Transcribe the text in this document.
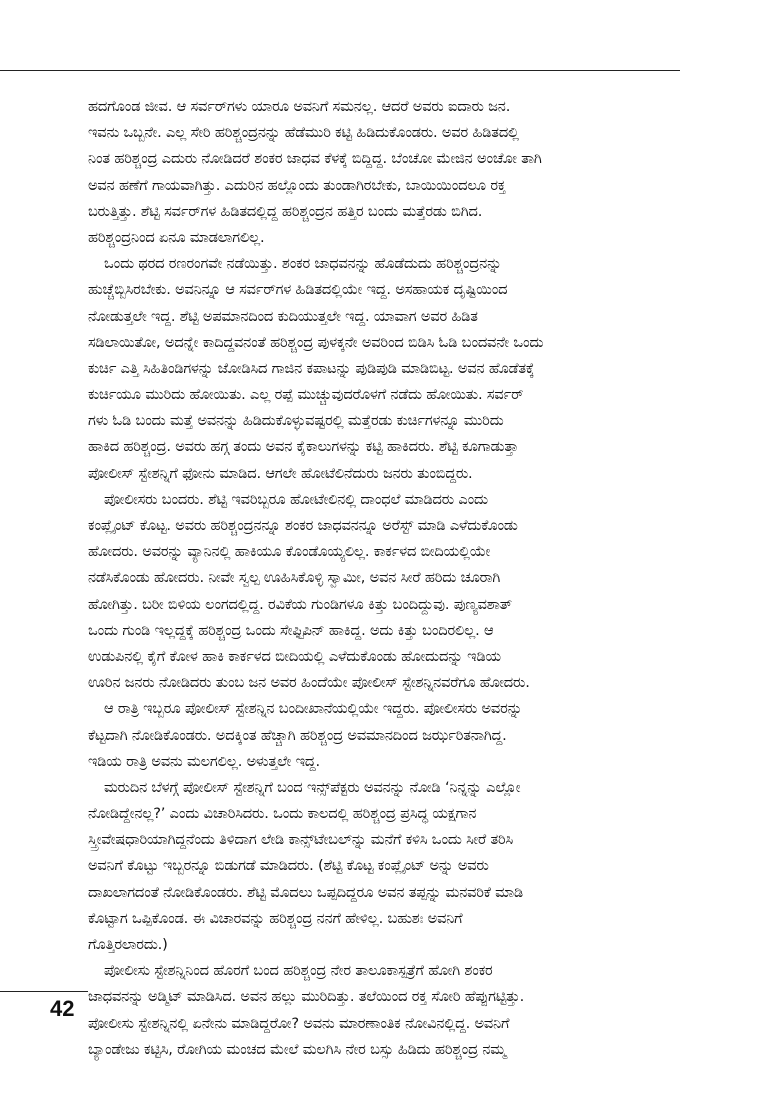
ಹದಗೊಂಡ ಜೀವ. ಆ ಸರ್ವರ್‌ಗಳು ಯಾರೂ ಅವನಿಗೆ ಸಮನಲ್ಲ. ಆದರೆ ಅವರು ಐದಾರು ಜನ.
ಇವನು ಒಬ್ಬನೇ. ಎಲ್ಲ ಸೇರಿ ಹರಿಶ್ಚಂದ್ರನನ್ನು ಹೆಡೆಮುರಿ ಕಟ್ಟಿ ಹಿಡಿದುಕೊಂಡರು. ಅವರ ಹಿಡಿತದಲ್ಲಿ
ನಿಂತ ಹರಿಶ್ಚಂದ್ರ ಎದುರು ನೋಡಿದರೆ ಶಂಕರ ಜಾಧವ ಕೆಳಕ್ಕೆ ಬಿದ್ದಿದ್ದ. ಬೆಂಚೋ ಮೇಜಿನ ಅಂಚೋ ತಾಗಿ
ಅವನ ಹಣೆಗೆ ಗಾಯವಾಗಿತ್ತು. ಎದುರಿನ ಹಲ್ಲೊಂದು ತುಂಡಾಗಿರಬೇಕು, ಬಾಯಿಯಿಂದಲೂ ರಕ್ತ
ಬರುತ್ತಿತ್ತು. ಶೆಟ್ಟಿ ಸರ್ವರ್‌ಗಳ ಹಿಡಿತದಲ್ಲಿದ್ದ ಹರಿಶ್ಚಂದ್ರನ ಹತ್ತಿರ ಬಂದು ಮತ್ತೆರಡು ಬಿಗಿದ.
ಹರಿಶ್ಚಂದ್ರನಿಂದ ಏನೂ ಮಾಡಲಾಗಲಿಲ್ಲ.
ಒಂದು ಥರದ ರಣರಂಗವೇ ನಡೆಯಿತ್ತು. ಶಂಕರ ಜಾಧವನನ್ನು ಹೊಡೆದುದು ಹರಿಶ್ಚಂದ್ರನನ್ನು
ಹುಚ್ಚೆಬ್ಬಿಸಿರಬೇಕು. ಅವನಿನ್ನೂ ಆ ಸರ್ವರ್‌ಗಳ ಹಿಡಿತದಲ್ಲಿಯೇ ಇದ್ದ. ಅಸಹಾಯಕ ದೃಷ್ಟಿಯಿಂದ
ನೋಡುತ್ತಲೇ ಇದ್ದ. ಶೆಟ್ಟಿ ಅಪಮಾನದಿಂದ ಕುದಿಯುತ್ತಲೇ ಇದ್ದ. ಯಾವಾಗ ಅವರ ಹಿಡಿತ
ಸಡಿಲಾಯಿತೋ, ಅದನ್ನೇ ಕಾದಿದ್ದವನಂತೆ ಹರಿಶ್ಚಂದ್ರ ಪುಳಕ್ಕನೇ ಅವರಿಂದ ಬಿಡಿಸಿ ಓಡಿ ಬಂದವನೇ ಒಂದು
ಕುರ್ಚಿ ಎತ್ತಿ ಸಿಹಿತಿಂಡಿಗಳನ್ನು ಜೋಡಿಸಿದ ಗಾಜಿನ ಕಪಾಟನ್ನು ಪುಡಿಪುಡಿ ಮಾಡಿಬಿಟ್ಟ. ಅವನ ಹೊಡೆತಕ್ಕೆ
ಕುರ್ಚಿಯೂ ಮುರಿದು ಹೋಯಿತು. ಎಲ್ಲ ರಪ್ಪೆ ಮುಚ್ಚುವುದರೊಳಗೆ ನಡೆದು ಹೋಯಿತು. ಸರ್ವರ್
ಗಳು ಓಡಿ ಬಂದು ಮತ್ತೆ ಅವನನ್ನು ಹಿಡಿದುಕೊಳ್ಳುವಷ್ಟರಲ್ಲಿ ಮತ್ತೆರಡು ಕುರ್ಚಿಗಳನ್ನೂ ಮುರಿದು
ಹಾಕಿದ ಹರಿಶ್ಚಂದ್ರ. ಅವರು ಹಗ್ಗ ತಂದು ಅವನ ಕೈಕಾಲುಗಳನ್ನು ಕಟ್ಟಿ ಹಾಕಿದರು. ಶೆಟ್ಟಿ ಕೂಗಾಡುತ್ತಾ
ಪೋಲೀಸ್ ಸ್ಟೇಶನ್ನಿಗೆ ಫೋನು ಮಾಡಿದ. ಆಗಲೇ ಹೋಟೆಲಿನೆದುರು ಜನರು ತುಂಬಿದ್ದರು.
ಪೋಲೀಸರು ಬಂದರು. ಶೆಟ್ಟಿ ಇವರಿಬ್ಬರೂ ಹೋಟೇಲಿನಲ್ಲಿ ದಾಂಧಲೆ ಮಾಡಿದರು ಎಂದು
ಕಂಪ್ಲೈಂಟ್ ಕೊಟ್ಟ. ಅವರು ಹರಿಶ್ಚಂದ್ರನನ್ನೂ ಶಂಕರ ಜಾಧವನನ್ನೂ ಅರೆಸ್ಟ್ ಮಾಡಿ ಎಳೆದುಕೊಂಡು
ಹೋದರು. ಅವರನ್ನು ವ್ಯಾನಿನಲ್ಲಿ ಹಾಕಿಯೂ ಕೊಂಡೊಯ್ಯಲಿಲ್ಲ. ಕಾರ್ಕಳದ ಬೀದಿಯಲ್ಲಿಯೇ
ನಡೆಸಿಕೊಂಡು ಹೋದರು. ನೀವೇ ಸ್ವಲ್ಪ ಊಹಿಸಿಕೊಳ್ಳಿ ಸ್ವಾಮೀ, ಅವನ ಸೀರೆ ಹರಿದು ಚೂರಾಗಿ
ಹೋಗಿತ್ತು. ಬರೀ ಬಿಳಿಯ ಲಂಗದಲ್ಲಿದ್ದ. ರವಿಕೆಯ ಗುಂಡಿಗಳೂ ಕಿತ್ತು ಬಂದಿದ್ದುವು. ಪುಣ್ಯವಶಾತ್
ಒಂದು ಗುಂಡಿ ಇಲ್ಲದ್ದಕ್ಕೆ ಹರಿಶ್ಚಂದ್ರ ಒಂದು ಸೇಫ್ಟಿಪಿನ್ ಹಾಕಿದ್ದ. ಅದು ಕಿತ್ತು ಬಂದಿರಲಿಲ್ಲ. ಆ
ಉಡುಪಿನಲ್ಲಿ ಕೈಗೆ ಕೋಳ ಹಾಕಿ ಕಾರ್ಕಳದ ಬೀದಿಯಲ್ಲಿ ಎಳೆದುಕೊಂಡು ಹೋದುದನ್ನು ಇಡಿಯ
ಊರಿನ ಜನರು ನೋಡಿದರು ತುಂಬ ಜನ ಅವರ ಹಿಂದೆಯೇ ಪೋಲೀಸ್ ಸ್ಟೇಶನ್ನಿನವರೆಗೂ ಹೋದರು.
ಆ ರಾತ್ರಿ ಇಬ್ಬರೂ ಪೋಲೀಸ್ ಸ್ಟೇಶನ್ನಿನ ಬಂದೀಖಾನೆಯಲ್ಲಿಯೇ ಇದ್ದರು. ಪೋಲೀಸರು ಅವರನ್ನು
ಕೆಟ್ಟದಾಗಿ ನೋಡಿಕೊಂಡರು. ಅದಕ್ಕಿಂತ ಹೆಚ್ಚಾಗಿ ಹರಿಶ್ಚಂದ್ರ ಅವಮಾನದಿಂದ ಜರ್ಝರಿತನಾಗಿದ್ದ.
ಇಡಿಯ ರಾತ್ರಿ ಅವನು ಮಲಗಲಿಲ್ಲ. ಅಳುತ್ತಲೇ ಇದ್ದ.
ಮರುದಿನ ಬೆಳಗ್ಗೆ ಪೋಲೀಸ್ ಸ್ಟೇಶನ್ನಿಗೆ ಬಂದ ಇನ್ಸ್‌ಪೆಕ್ಟರು ಅವನನ್ನು ನೋಡಿ ‘ನಿನ್ನನ್ನು ಎಲ್ಲೋ
ನೋಡಿದ್ದೇನಲ್ಲ?’ ಎಂದು ವಿಚಾರಿಸಿದರು. ಒಂದು ಕಾಲದಲ್ಲಿ ಹರಿಶ್ಚಂದ್ರ ಪ್ರಸಿದ್ಧ ಯಕ್ಷಗಾನ
ಸ್ತ್ರೀವೇಷಧಾರಿಯಾಗಿದ್ದನೆಂದು ತಿಳಿದಾಗ ಲೇಡಿ ಕಾನ್ಸ್‌ಟೇಬಲ್‌ನ್ನು ಮನೆಗೆ ಕಳಿಸಿ ಒಂದು ಸೀರೆ ತರಿಸಿ
ಅವನಿಗೆ ಕೊಟ್ಟು ಇಬ್ಬರನ್ನೂ ಬಿಡುಗಡೆ ಮಾಡಿದರು. (ಶೆಟ್ಟಿ ಕೊಟ್ಟ ಕಂಪ್ಲೈಂಟ್ ಅನ್ನು ಅವರು
ದಾಖಲಾಗದಂತೆ ನೋಡಿಕೊಂಡರು. ಶೆಟ್ಟಿ ಮೊದಲು ಒಪ್ಪದಿದ್ದರೂ ಅವನ ತಪ್ಪನ್ನು ಮನವರಿಕೆ ಮಾಡಿ
ಕೊಟ್ಟಾಗ ಒಪ್ಪಿಕೊಂಡ. ಈ ವಿಚಾರವನ್ನು ಹರಿಶ್ಚಂದ್ರ ನನಗೆ ಹೇಳಿಲ್ಲ. ಬಹುಶಃ ಅವನಿಗೆ
ಗೊತ್ತಿರಲಾರದು.)
ಪೋಲೀಸು ಸ್ಟೇಶನ್ನಿನಿಂದ ಹೊರಗೆ ಬಂದ ಹರಿಶ್ಚಂದ್ರ ನೇರ ತಾಲೂಕಾಸ್ಪತ್ರೆಗೆ ಹೋಗಿ ಶಂಕರ
ಜಾಧವನನ್ನು ಅಡ್ಮಿಟ್ ಮಾಡಿಸಿದ. ಅವನ ಹಲ್ಲು ಮುರಿದಿತ್ತು. ತಲೆಯಿಂದ ರಕ್ತ ಸೋರಿ ಹೆಪ್ಪುಗಟ್ಟಿತ್ತು.
ಪೋಲೀಸು ಸ್ಟೇಶನ್ನಿನಲ್ಲಿ ಏನೇನು ಮಾಡಿದ್ದರೋ? ಅವನು ಮಾರಣಾಂತಿಕ ನೋವಿನಲ್ಲಿದ್ದ. ಅವನಿಗೆ
ಬ್ಯಾಂಡೇಜು ಕಟ್ಟಿಸಿ, ರೋಗಿಯ ಮಂಚದ ಮೇಲೆ ಮಲಗಿಸಿ ನೇರ ಬಸ್ಸು ಹಿಡಿದು ಹರಿಶ್ಚಂದ್ರ ನಮ್ಮ
42
